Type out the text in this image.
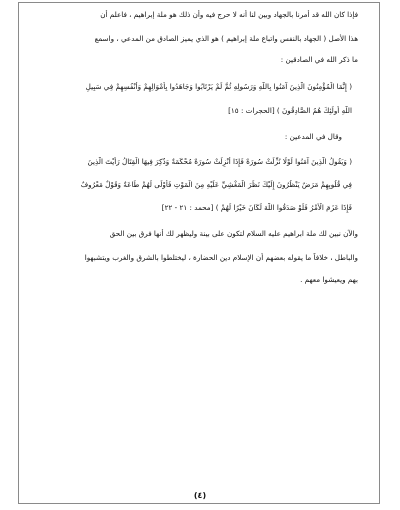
فإذا كان الله قد أمرنا بالجهاد وبين لنا أنه لا حرج فيه وأن ذلك هو ملة إبراهيم ، فاعلم أن
هذا الأصل ( الجهاد بالنفس واتباع ملة إبراهيم ) هو الذي يميز الصادق من المدعي ، واسمع
ما ذكر الله في الصادقين :
( إِنَّمَا الْمُؤْمِنُونَ الَّذِينَ آمَنُوا بِاللَّهِ وَرَسُولِهِ ثُمَّ لَمْ يَرْتَابُوا وَجَاهَدُوا بِأَمْوَالِهِمْ وَأَنْفُسِهِمْ فِي سَبِيلِ
اللَّهِ أُولَئِكَ هُمُ الصَّادِقُونَ ) [الحجرات : ١٥]
وقال في المدعين :
( وَيَقُولُ الَّذِينَ آمَنُوا لَوْلَا نُزِّلَتْ سُورَةٌ فَإِذَا أُنْزِلَتْ سُورَةٌ مُحْكَمَةٌ وَذُكِرَ فِيهَا الْقِتَالُ رَأَيْتَ الَّذِينَ
فِي قُلُوبِهِمْ مَرَضٌ يَنْظُرُونَ إِلَيْكَ نَظَرَ الْمَغْشِيِّ عَلَيْهِ مِنَ الْمَوْتِ فَأَوْلَى لَهُمْ طَاعَةٌ وَقَوْلٌ مَعْرُوفٌ
فَإِذَا عَزَمَ الْأَمْرُ فَلَوْ صَدَقُوا اللَّهَ لَكَانَ خَيْرًا لَهُمْ ) [محمد : ٢١ - ٢٢]
والآن نبين لك ملة ابراهيم عليه السلام لتكون على بينة وليظهر لك أنها فرق بين الحق
والباطل ، خلافاً ما يقوله بعضهم أن الإسلام دين الحضارة ، ليختلطوا بالشرق والغرب ويتشبهوا
بهم ويعيشوا معهم .
(٤)
